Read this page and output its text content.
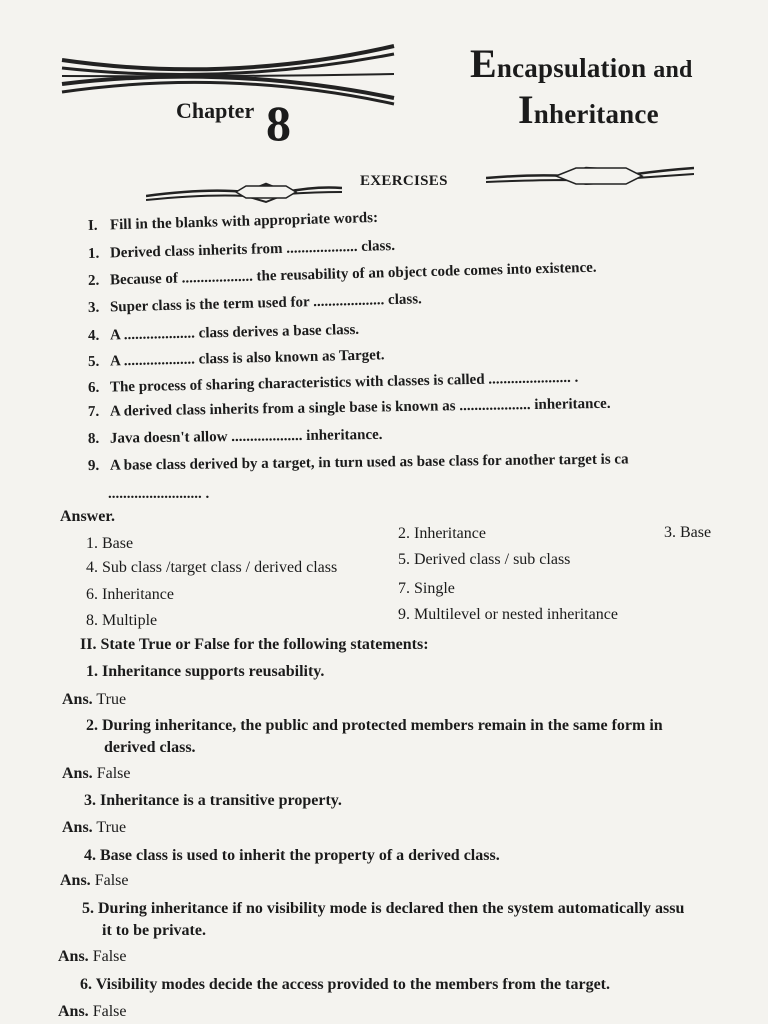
Chapter 8
Encapsulation and
Inheritance
EXERCISES
I. Fill in the blanks with appropriate words:
1. Derived class inherits from ................... class.
2. Because of ................... the reusability of an object code comes into existence.
3. Super class is the term used for ................... class.
4. A ................... class derives a base class.
5. A ................... class is also known as Target.
6. The process of sharing characteristics with classes is called ...................... .
7. A derived class inherits from a single base is known as ................... inheritance.
8. Java doesn't allow ................... inheritance.
9. A base class derived by a target, in turn used as base class for another target is ca
......................... .
Answer.
1. Base
2. Inheritance	3. Base
4. Sub class /target class / derived class	5. Derived class / sub class
6. Inheritance	7. Single
8. Multiple	9. Multilevel or nested inheritance
II. State True or False for the following statements:
1. Inheritance supports reusability.
Ans. True
2. During inheritance, the public and protected members remain in the same form in
derived class.
Ans. False
3. Inheritance is a transitive property.
Ans. True
4. Base class is used to inherit the property of a derived class.
Ans. False
5. During inheritance if no visibility mode is declared then the system automatically assu
it to be private.
Ans. False
6. Visibility modes decide the access provided to the members from the target.
Ans. False
